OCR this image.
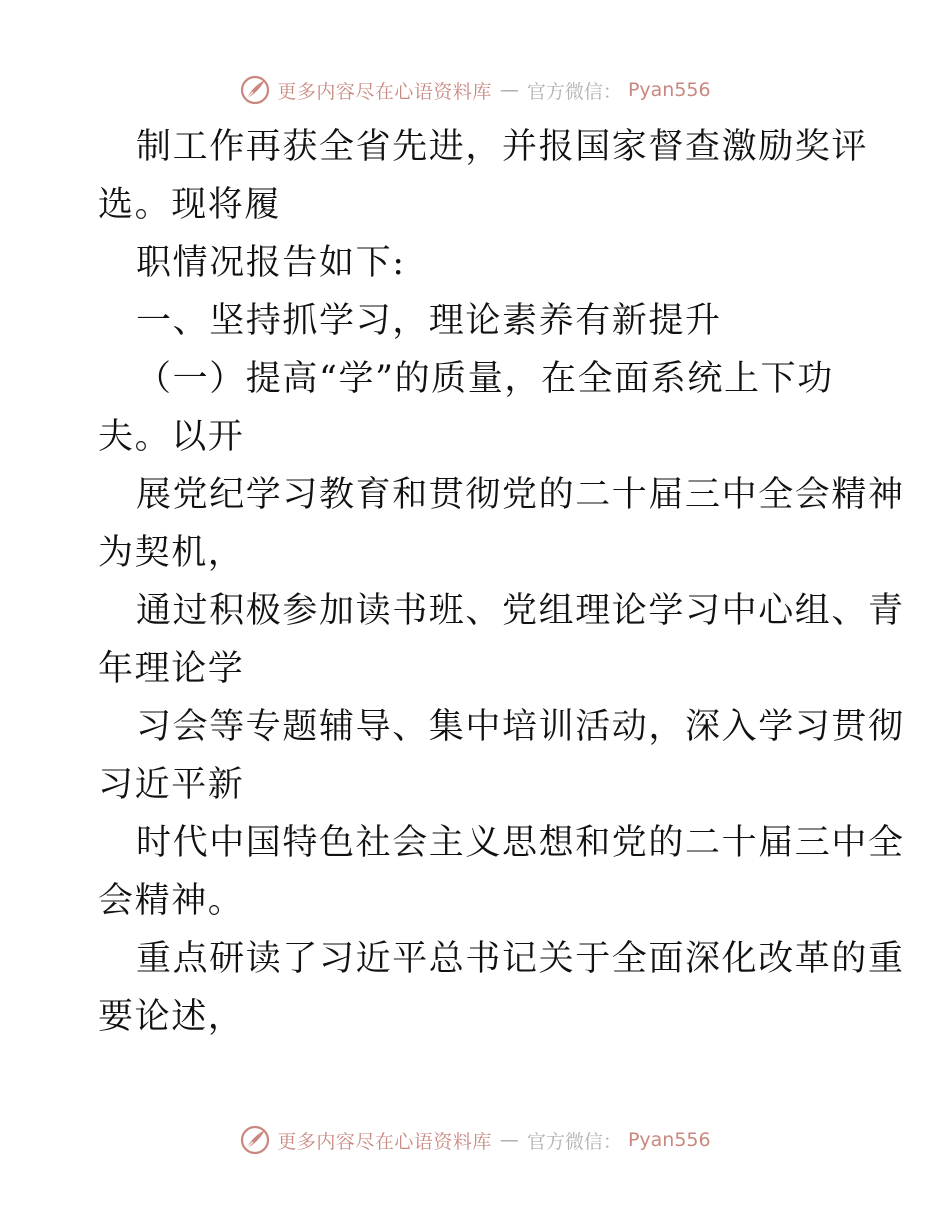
更多内容尽在心语资料库 — 官方微信： Pyan556
制工作再获全省先进，并报国家督查激励奖评
选。现将履
职情况报告如下:
一、坚持抓学习，理论素养有新提升
（一）提高“学”的质量，在全面系统上下功
夫。以开
展党纪学习教育和贯彻党的二十届三中全会精神
为契机，
通过积极参加读书班、党组理论学习中心组、青
年理论学
习会等专题辅导、集中培训活动，深入学习贯彻
习近平新
时代中国特色社会主义思想和党的二十届三中全
会精神。
重点研读了习近平总书记关于全面深化改革的重
要论述，
更多内容尽在心语资料库 — 官方微信： Pyan556
